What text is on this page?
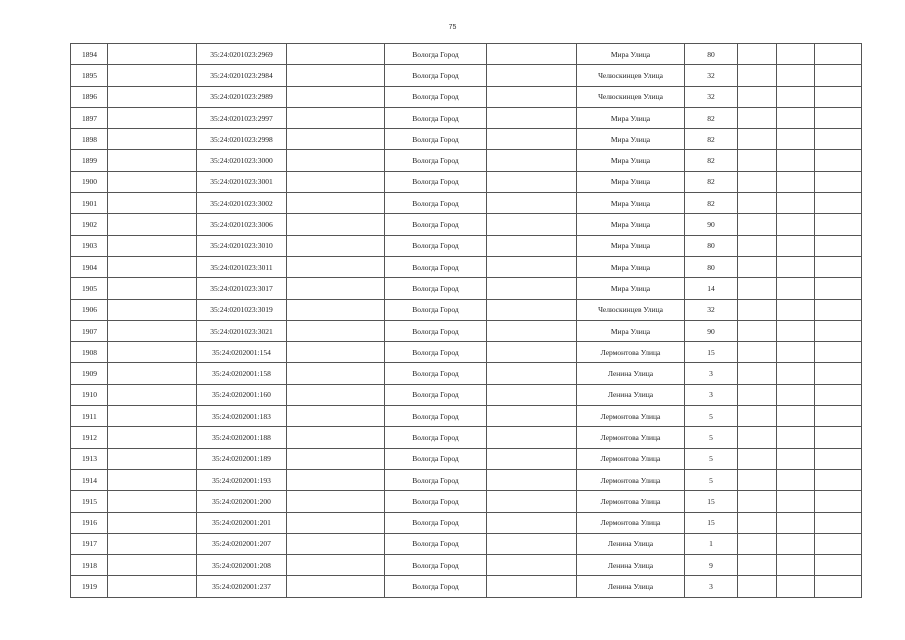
75
1894		35:24:0201023:2969		Вологда Город		Мира Улица	80			
1895		35:24:0201023:2984		Вологда Город		Челюскинцев Улица	32			
1896		35:24:0201023:2989		Вологда Город		Челюскинцев Улица	32			
1897		35:24:0201023:2997		Вологда Город		Мира Улица	82			
1898		35:24:0201023:2998		Вологда Город		Мира Улица	82			
1899		35:24:0201023:3000		Вологда Город		Мира Улица	82			
1900		35:24:0201023:3001		Вологда Город		Мира Улица	82			
1901		35:24:0201023:3002		Вологда Город		Мира Улица	82			
1902		35:24:0201023:3006		Вологда Город		Мира Улица	90			
1903		35:24:0201023:3010		Вологда Город		Мира Улица	80			
1904		35:24:0201023:3011		Вологда Город		Мира Улица	80			
1905		35:24:0201023:3017		Вологда Город		Мира Улица	14			
1906		35:24:0201023:3019		Вологда Город		Челюскинцев Улица	32			
1907		35:24:0201023:3021		Вологда Город		Мира Улица	90			
1908		35:24:0202001:154		Вологда Город		Лермонтова Улица	15			
1909		35:24:0202001:158		Вологда Город		Ленина Улица	3			
1910		35:24:0202001:160		Вологда Город		Ленина Улица	3			
1911		35:24:0202001:183		Вологда Город		Лермонтова Улица	5			
1912		35:24:0202001:188		Вологда Город		Лермонтова Улица	5			
1913		35:24:0202001:189		Вологда Город		Лермонтова Улица	5			
1914		35:24:0202001:193		Вологда Город		Лермонтова Улица	5			
1915		35:24:0202001:200		Вологда Город		Лермонтова Улица	15			
1916		35:24:0202001:201		Вологда Город		Лермонтова Улица	15			
1917		35:24:0202001:207		Вологда Город		Ленина Улица	1			
1918		35:24:0202001:208		Вологда Город		Ленина Улица	9			
1919		35:24:0202001:237		Вологда Город		Ленина Улица	3			
